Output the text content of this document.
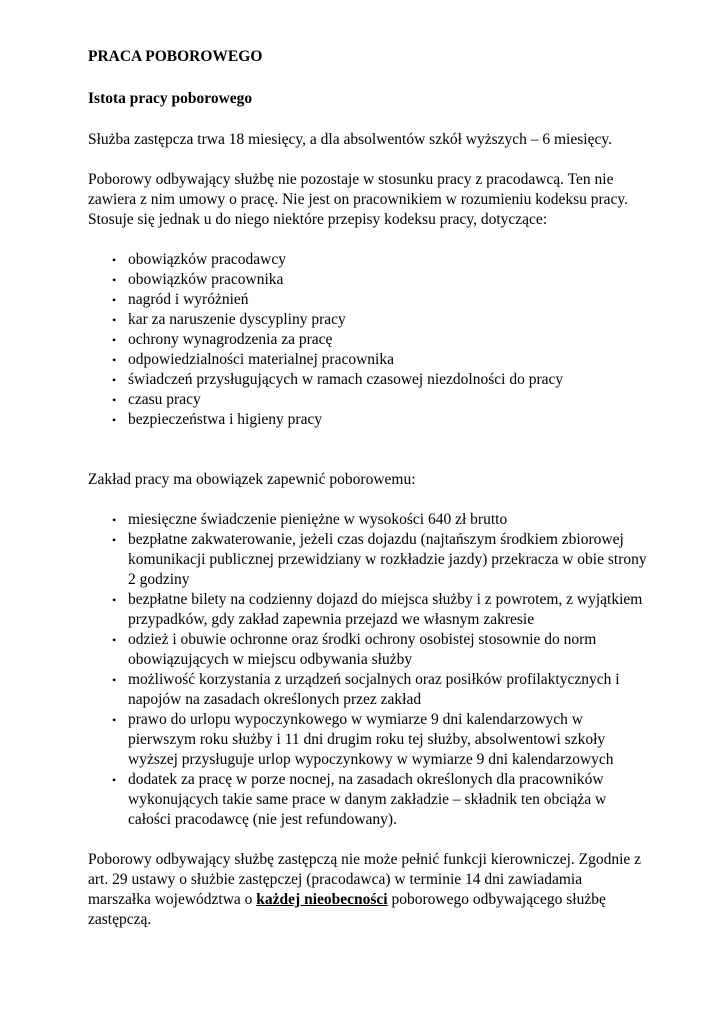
PRACA POBOROWEGO
Istota pracy poborowego

Służba zastępcza trwa 18 miesięcy, a dla absolwentów szkół wyższych – 6 miesięcy.

Poborowy odbywający służbę nie pozostaje w stosunku pracy z pracodawcą. Ten nie zawiera z nim umowy o pracę. Nie jest on pracownikiem w rozumieniu kodeksu pracy. Stosuje się jednak u do niego niektóre przepisy kodeksu pracy, dotyczące:

• obowiązków pracodawcy
• obowiązków pracownika
• nagród i wyróżnień
• kar za naruszenie dyscypliny pracy
• ochrony wynagrodzenia za pracę
• odpowiedzialności materialnej pracownika
• świadczeń przysługujących w ramach czasowej niezdolności do pracy
• czasu pracy
• bezpieczeństwa i higieny pracy

Zakład pracy ma obowiązek zapewnić poborowemu:

• miesięczne świadczenie pieniężne w wysokości 640 zł brutto
• bezpłatne zakwaterowanie, jeżeli czas dojazdu (najtańszym środkiem zbiorowej komunikacji publicznej przewidziany w rozkładzie jazdy) przekracza w obie strony 2 godziny
• bezpłatne bilety na codzienny dojazd do miejsca służby i z powrotem, z wyjątkiem przypadków, gdy zakład zapewnia przejazd we własnym zakresie
• odzież i obuwie ochronne oraz środki ochrony osobistej stosownie do norm obowiązujących w miejscu odbywania służby
• możliwość korzystania z urządzeń socjalnych oraz posiłków profilaktycznych i napojów na zasadach określonych przez zakład
• prawo do urlopu wypoczynkowego w wymiarze 9 dni kalendarzowych w pierwszym roku służby i 11 dni drugim roku tej służby, absolwentowi szkoły wyższej przysługuje urlop wypoczynkowy w wymiarze 9 dni kalendarzowych
• dodatek za pracę w porze nocnej, na zasadach określonych dla pracowników wykonujących takie same prace w danym zakładzie – składnik ten obciąża w całości pracodawcę (nie jest refundowany).

Poborowy odbywający służbę zastępczą nie może pełnić funkcji kierowniczej. Zgodnie z art. 29 ustawy o służbie zastępczej (pracodawca) w terminie 14 dni zawiadamia marszałka województwa o każdej nieobecności poborowego odbywającego służbę zastępczą.
